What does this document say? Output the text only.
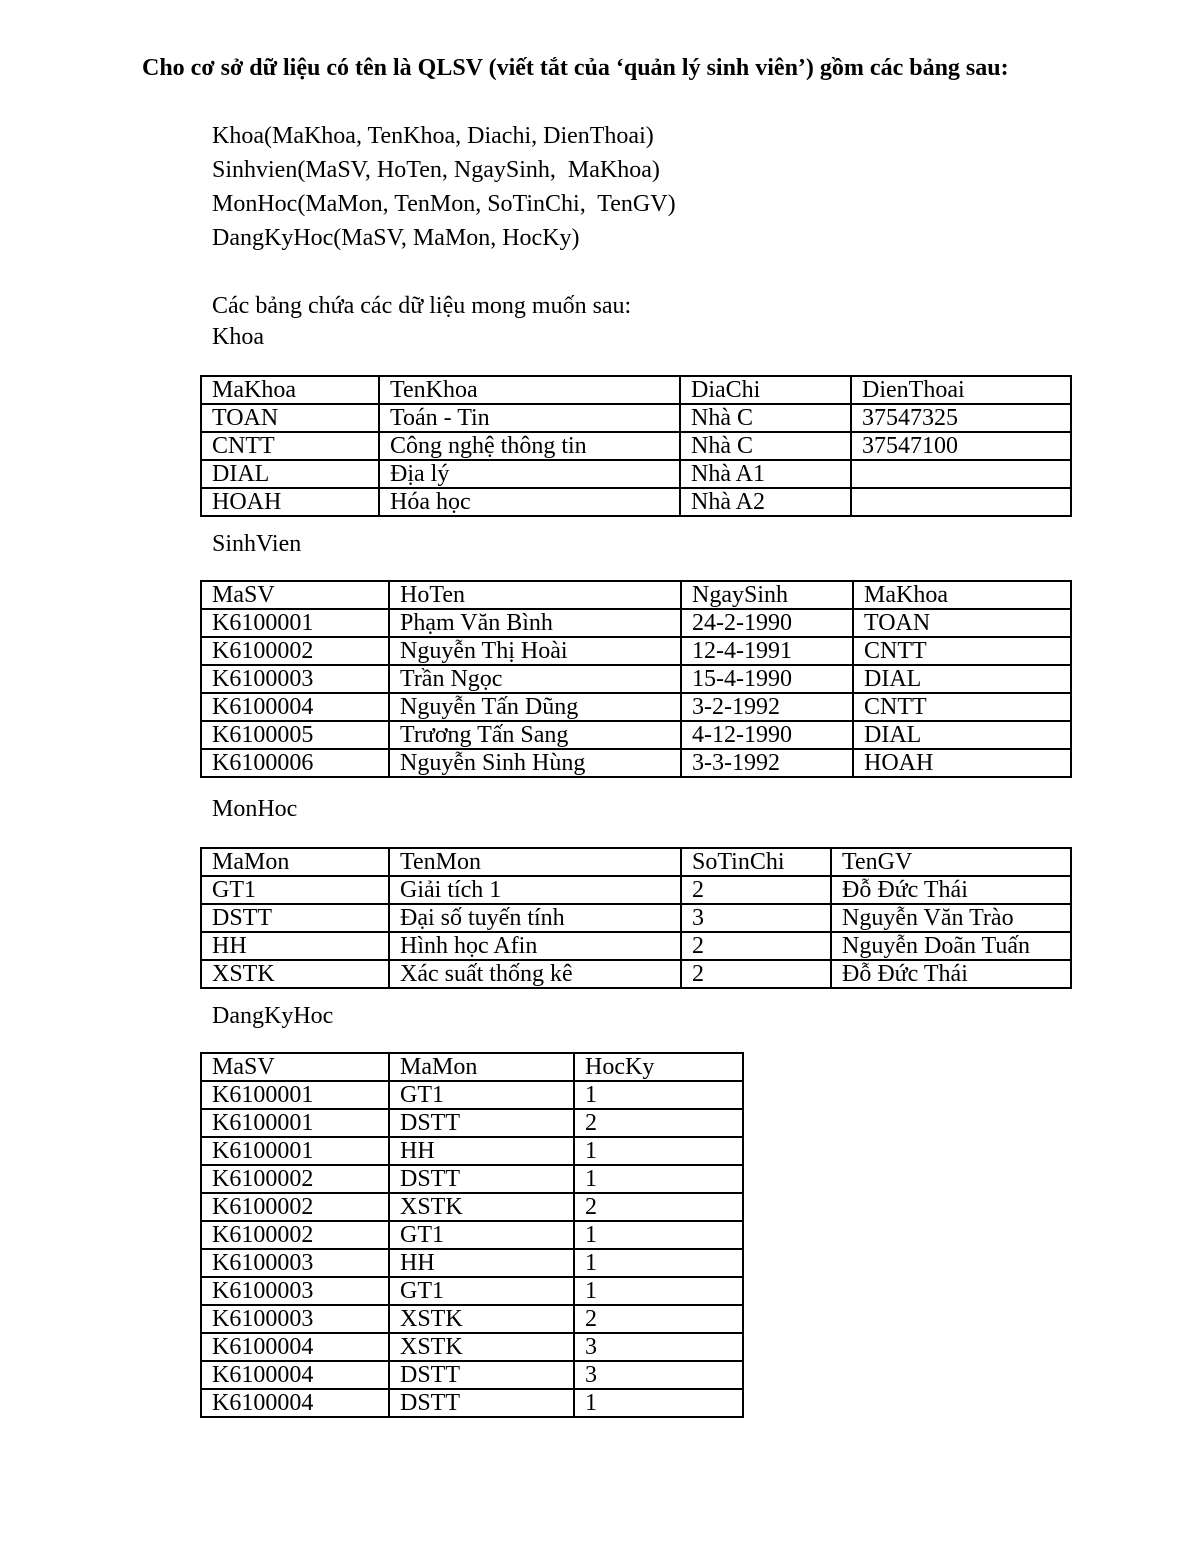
Cho cơ sở dữ liệu có tên là QLSV (viết tắt của ‘quản lý sinh viên’) gồm các bảng sau:
Khoa(MaKhoa, TenKhoa, Diachi, DienThoai)
Sinhvien(MaSV, HoTen, NgaySinh,  MaKhoa)
MonHoc(MaMon, TenMon, SoTinChi,  TenGV)
DangKyHoc(MaSV, MaMon, HocKy)
Các bảng chứa các dữ liệu mong muốn sau:
Khoa
MaKhoa	TenKhoa	DiaChi	DienThoai
TOAN	Toán - Tin	Nhà C	37547325
CNTT	Công nghệ thông tin	Nhà C	37547100
DIAL	Địa lý	Nhà A1	
HOAH	Hóa học	Nhà A2	
SinhVien
MaSV	HoTen	NgaySinh	MaKhoa
K6100001	Phạm Văn Bình	24-2-1990	TOAN
K6100002	Nguyễn Thị Hoài	12-4-1991	CNTT
K6100003	Trần Ngọc	15-4-1990	DIAL
K6100004	Nguyễn Tấn Dũng	3-2-1992	CNTT
K6100005	Trương Tấn Sang	4-12-1990	DIAL
K6100006	Nguyễn Sinh Hùng	3-3-1992	HOAH
MonHoc
MaMon	TenMon	SoTinChi	TenGV
GT1	Giải tích 1	2	Đỗ Đức Thái
DSTT	Đại số tuyến tính	3	Nguyễn Văn Trào
HH	Hình học Afin	2	Nguyễn Doãn Tuấn
XSTK	Xác suất thống kê	2	Đỗ Đức Thái
DangKyHoc
MaSV	MaMon	HocKy
K6100001	GT1	1
K6100001	DSTT	2
K6100001	HH	1
K6100002	DSTT	1
K6100002	XSTK	2
K6100002	GT1	1
K6100003	HH	1
K6100003	GT1	1
K6100003	XSTK	2
K6100004	XSTK	3
K6100004	DSTT	3
K6100004	DSTT	1
